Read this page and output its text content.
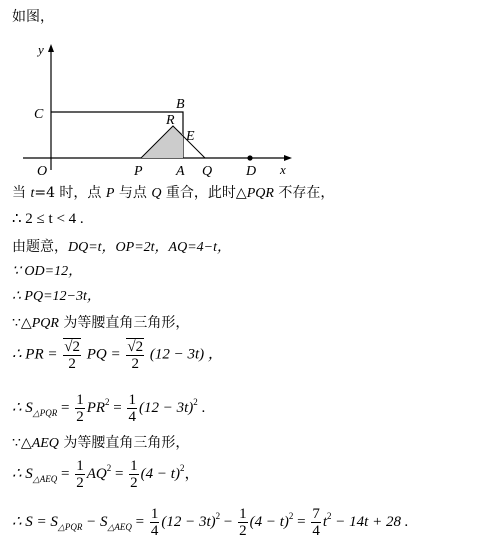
如图，
y
x
C
B
R
E
O	P A Q D
当 t=4 时，点 P 与点 Q 重合，此时△PQR 不存在，
∴ 2 ≤ t < 4 .
由题意，DQ=t，OP=2t，AQ=4−t，
∵ OD=12，
∴ PQ=12−3t，
∵△PQR 为等腰直角三角形，
∴ PR = $\frac{√2}{2}$ PQ = $\frac{√2}{2} (12 - 3t)$ ，
∴ $S_{\triangle PQR} = \frac{1}{2} PR^2 = \frac{1}{4} (12 - 3t)^2$ .
∵△AEQ 为等腰直角三角形，
∴ $S_{\triangle AEQ} = \frac{1}{2} AQ^2 = \frac{1}{2} (4 - t)^2$，
∴ $S = S_{\triangle PQR} - S_{\triangle AEQ} = \frac{1}{4} (12 - 3t)^2 - \frac{1}{2} (4 - t)^2 = \frac{7}{4} t^2 - 14t + 28$ .
